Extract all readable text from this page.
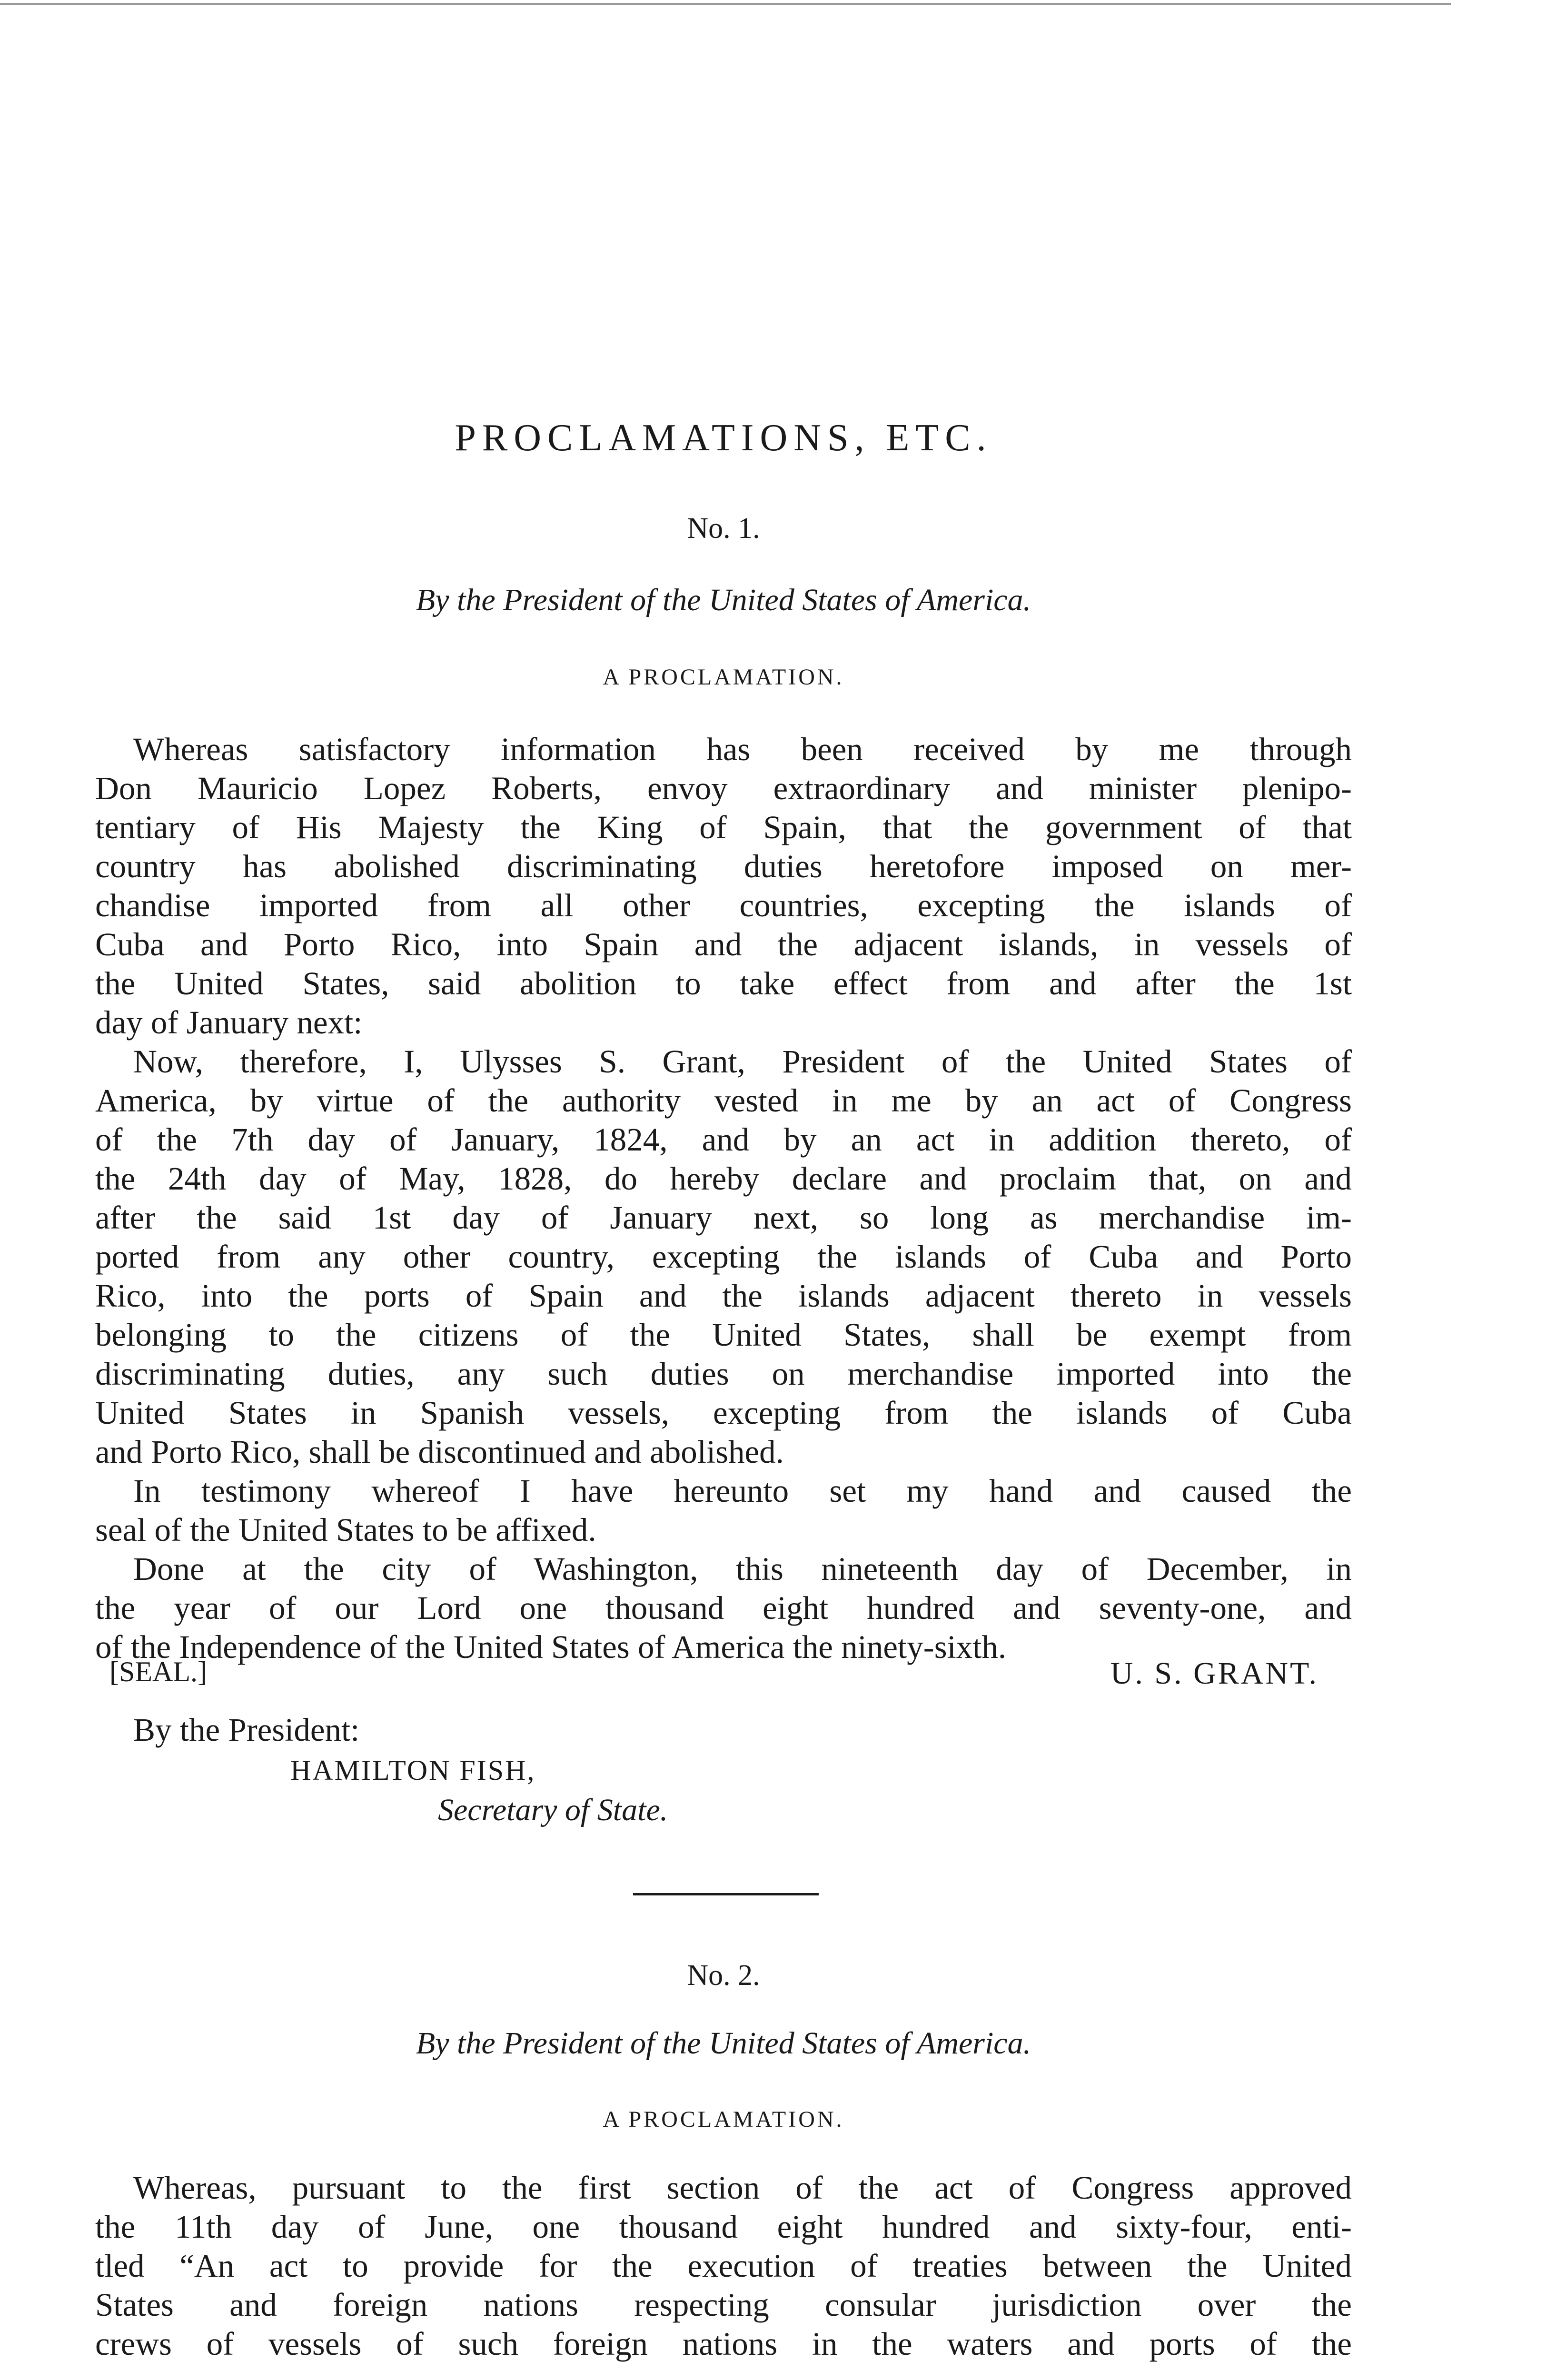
PROCLAMATIONS, ETC.
No. 1.
By the President of the United States of America.
A PROCLAMATION.
Whereas satisfactory information has been received by me through
Don Mauricio Lopez Roberts, envoy extraordinary and minister plenipo-
tentiary of His Majesty the King of Spain, that the government of that
country has abolished discriminating duties heretofore imposed on mer-
chandise imported from all other countries, excepting the islands of
Cuba and Porto Rico, into Spain and the adjacent islands, in vessels of
the United States, said abolition to take effect from and after the 1st
day of January next:
Now, therefore, I, Ulysses S. Grant, President of the United States of
America, by virtue of the authority vested in me by an act of Congress
of the 7th day of January, 1824, and by an act in addition thereto, of
the 24th day of May, 1828, do hereby declare and proclaim that, on and
after the said 1st day of January next, so long as merchandise im-
ported from any other country, excepting the islands of Cuba and Porto
Rico, into the ports of Spain and the islands adjacent thereto in vessels
belonging to the citizens of the United States, shall be exempt from
discriminating duties, any such duties on merchandise imported into the
United States in Spanish vessels, excepting from the islands of Cuba
and Porto Rico, shall be discontinued and abolished.
In testimony whereof I have hereunto set my hand and caused the
seal of the United States to be affixed.
Done at the city of Washington, this nineteenth day of December, in
the year of our Lord one thousand eight hundred and seventy-one, and
of the Independence of the United States of America the ninety-sixth.
[SEAL.]	U. S. GRANT.
By the President:
HAMILTON FISH,
Secretary of State.
No. 2.
By the President of the United States of America.
A PROCLAMATION.
Whereas, pursuant to the first section of the act of Congress approved
the 11th day of June, one thousand eight hundred and sixty-four, enti-
tled “An act to provide for the execution of treaties between the United
States and foreign nations respecting consular jurisdiction over the
crews of vessels of such foreign nations in the waters and ports of the
